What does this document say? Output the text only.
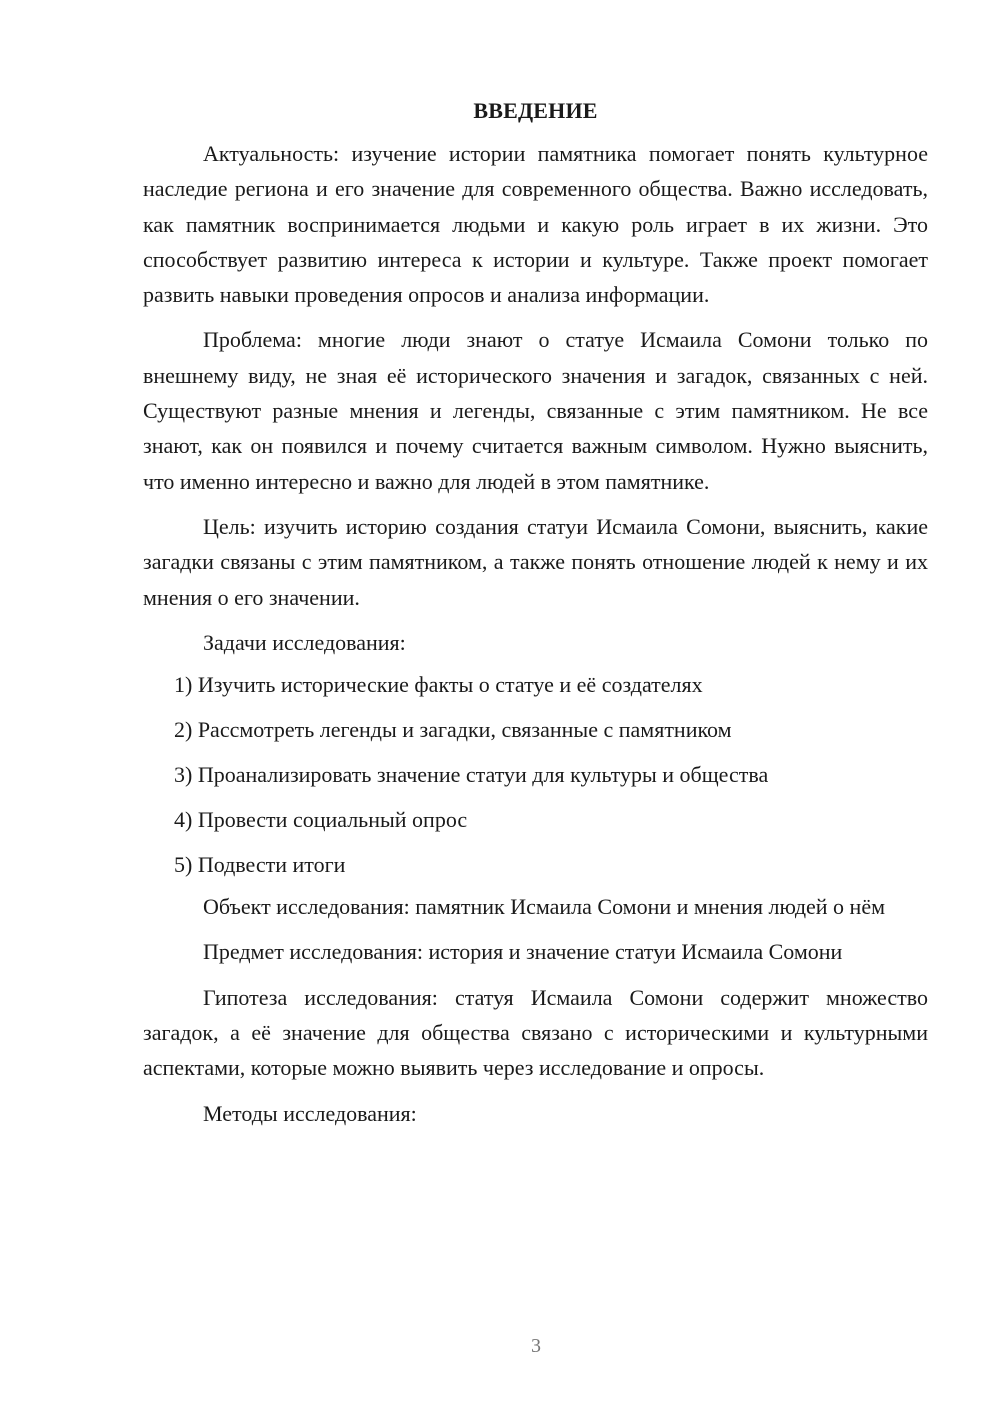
ВВЕДЕНИЕ

Актуальность: изучение истории памятника помогает понять культурное наследие региона и его значение для современного общества. Важно исследовать, как памятник воспринимается людьми и какую роль играет в их жизни. Это способствует развитию интереса к истории и культуре. Также проект помогает развить навыки проведения опросов и анализа информации.

Проблема: многие люди знают о статуе Исмаила Сомони только по внешнему виду, не зная её исторического значения и загадок, связанных с ней. Существуют разные мнения и легенды, связанные с этим памятником. Не все знают, как он появился и почему считается важным символом. Нужно выяснить, что именно интересно и важно для людей в этом памятнике.

Цель: изучить историю создания статуи Исмаила Сомони, выяснить, какие загадки связаны с этим памятником, а также понять отношение людей к нему и их мнения о его значении.

Задачи исследования:

1) Изучить исторические факты о статуе и её создателях

2) Рассмотреть легенды и загадки, связанные с памятником

3) Проанализировать значение статуи для культуры и общества

4) Провести социальный опрос

5) Подвести итоги

Объект исследования: памятник Исмаила Сомони и мнения людей о нём

Предмет исследования: история и значение статуи Исмаила Сомони

Гипотеза исследования: статуя Исмаила Сомони содержит множество загадок, а её значение для общества связано с историческими и культурными аспектами, которые можно выявить через исследование и опросы.

Методы исследования:

3
